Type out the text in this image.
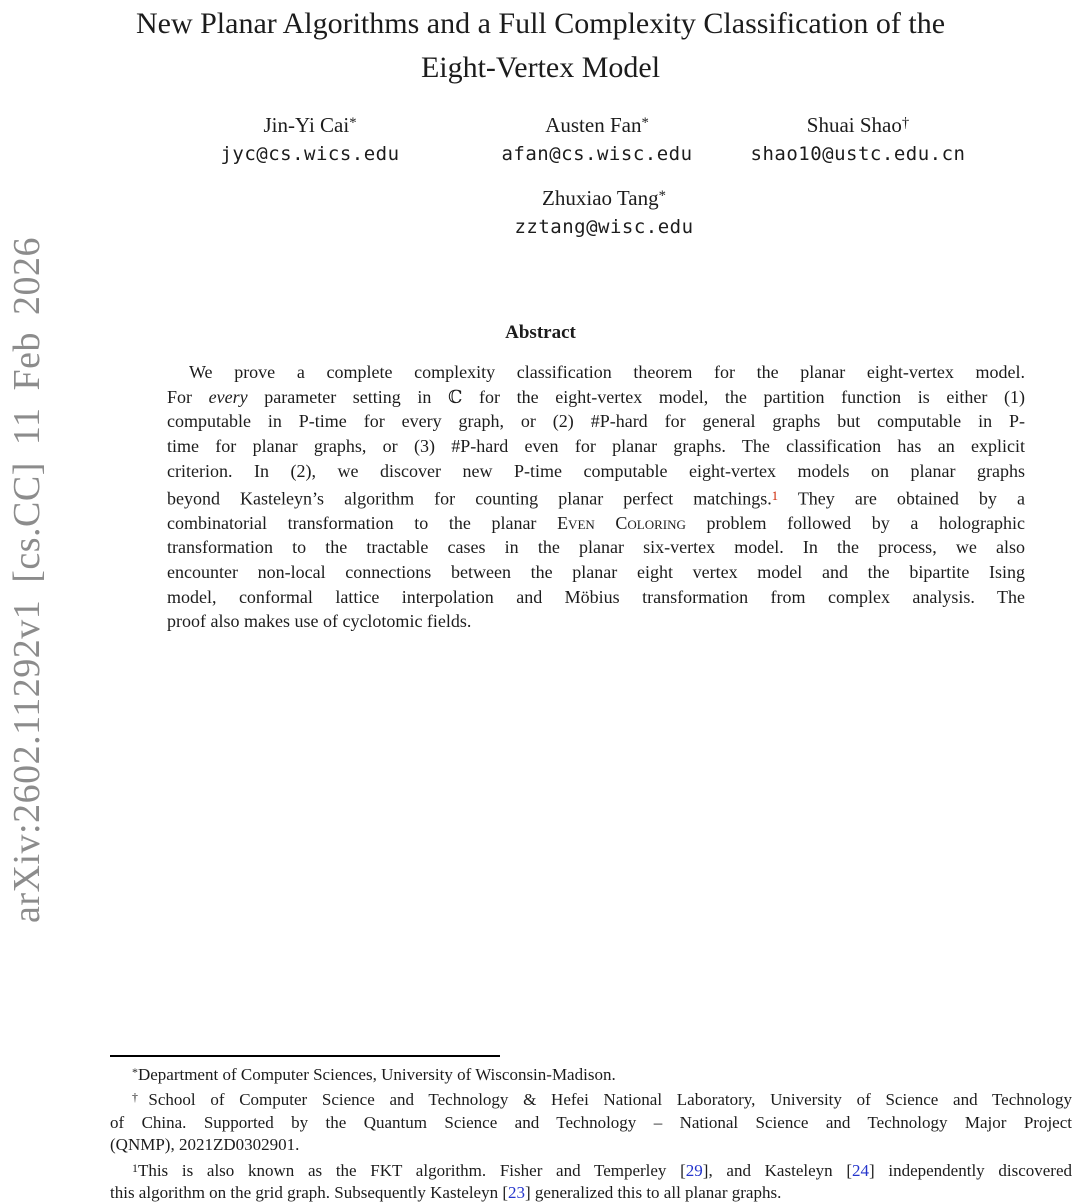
arXiv:2602.11292v1 [cs.CC] 11 Feb 2026
New Planar Algorithms and a Full Complexity Classification of the
Eight-Vertex Model
Jin-Yi Cai*
jyc@cs.wics.edu
Austen Fan*
afan@cs.wisc.edu
Shuai Shao†
shao10@ustc.edu.cn
Zhuxiao Tang*
zztang@wisc.edu
Abstract
We prove a complete complexity classification theorem for the planar eight-vertex model.
For every parameter setting in ℂ for the eight-vertex model, the partition function is either (1)
computable in P-time for every graph, or (2) #P-hard for general graphs but computable in P-
time for planar graphs, or (3) #P-hard even for planar graphs. The classification has an explicit
criterion. In (2), we discover new P-time computable eight-vertex models on planar graphs
beyond Kasteleyn’s algorithm for counting planar perfect matchings.$^1$ They are obtained by a
combinatorial transformation to the planar Even Coloring problem followed by a holographic
transformation to the tractable cases in the planar six-vertex model. In the process, we also
encounter non-local connections between the planar eight vertex model and the bipartite Ising
model, conformal lattice interpolation and Möbius transformation from complex analysis. The
proof also makes use of cyclotomic fields.
*Department of Computer Sciences, University of Wisconsin-Madison.
†School of Computer Science and Technology & Hefei National Laboratory, University of Science and Technology
of China. Supported by the Quantum Science and Technology – National Science and Technology Major Project
(QNMP), 2021ZD0302901.
$^1$This is also known as the FKT algorithm. Fisher and Temperley [29], and Kasteleyn [24] independently discovered
this algorithm on the grid graph. Subsequently Kasteleyn [23] generalized this to all planar graphs.
